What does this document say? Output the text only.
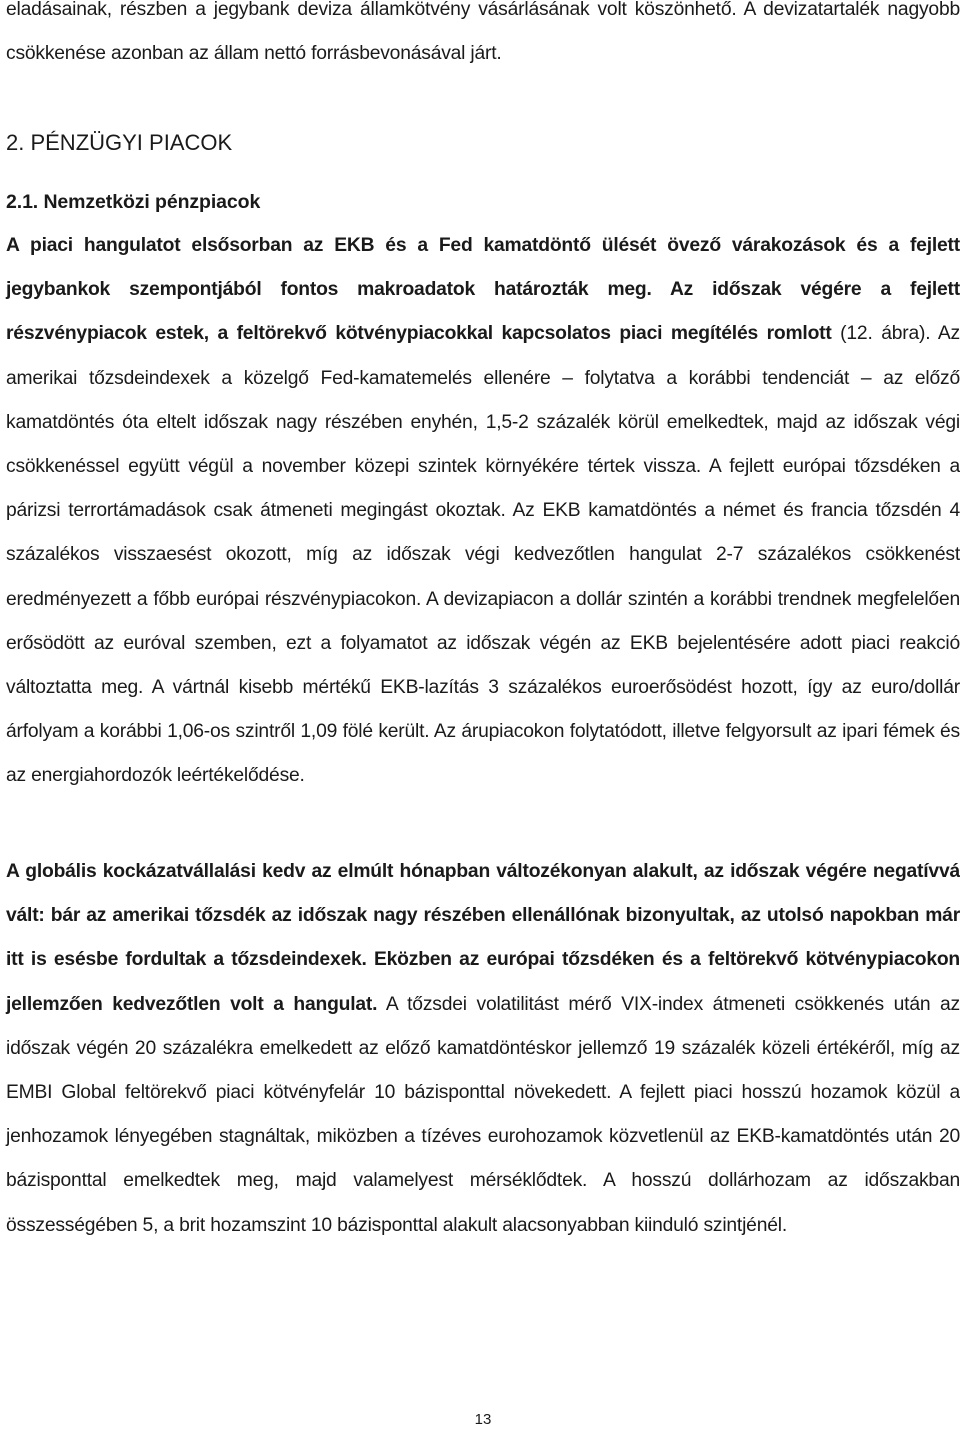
eladásainak, részben a jegybank deviza államkötvény vásárlásának volt köszönhető. A devizatartalék nagyobb csökkenése azonban az állam nettó forrásbevonásával járt.

2. PÉNZÜGYI PIACOK
2.1. Nemzetközi pénzpiacok

A piaci hangulatot elsősorban az EKB és a Fed kamatdöntő ülését övező várakozások és a fejlett jegybankok szempontjából fontos makroadatok határozták meg. Az időszak végére a fejlett részvénypiacok estek, a feltörekvő kötvénypiacokkal kapcsolatos piaci megítélés romlott (12. ábra). Az amerikai tőzsdeindexek a közelgő Fed-kamatemelés ellenére – folytatva a korábbi tendenciát – az előző kamatdöntés óta eltelt időszak nagy részében enyhén, 1,5-2 százalék körül emelkedtek, majd az időszak végi csökkenéssel együtt végül a november közepi szintek környékére tértek vissza. A fejlett európai tőzsdéken a párizsi terrortámadások csak átmeneti megingást okoztak. Az EKB kamatdöntés a német és francia tőzsdén 4 százalékos visszaesést okozott, míg az időszak végi kedvezőtlen hangulat 2-7 százalékos csökkenést eredményezett a főbb európai részvénypiacokon. A devizapiacon a dollár szintén a korábbi trendnek megfelelően erősödött az euróval szemben, ezt a folyamatot az időszak végén az EKB bejelentésére adott piaci reakció változtatta meg. A vártnál kisebb mértékű EKB-lazítás 3 százalékos euroerősödést hozott, így az euro/dollár árfolyam a korábbi 1,06-os szintről 1,09 fölé került. Az árupiacokon folytatódott, illetve felgyorsult az ipari fémek és az energiahordozók leértékelődése.

A globális kockázatvállalási kedv az elmúlt hónapban változékonyan alakult, az időszak végére negatívvá vált: bár az amerikai tőzsdék az időszak nagy részében ellenállónak bizonyultak, az utolsó napokban már itt is esésbe fordultak a tőzsdeindexek. Eközben az európai tőzsdéken és a feltörekvő kötvénypiacokon jellemzően kedvezőtlen volt a hangulat. A tőzsdei volatilitást mérő VIX-index átmeneti csökkenés után az időszak végén 20 százalékra emelkedett az előző kamatdöntéskor jellemző 19 százalék közeli értékéről, míg az EMBI Global feltörekvő piaci kötvényfelár 10 bázisponttal növekedett. A fejlett piaci hosszú hozamok közül a jenhozamok lényegében stagnáltak, miközben a tízéves eurohozamok közvetlenül az EKB-kamatdöntés után 20 bázisponttal emelkedtek meg, majd valamelyest mérséklődtek. A hosszú dollárhozam az időszakban összességében 5, a brit hozamszint 10 bázisponttal alakult alacsonyabban kiinduló szintjénél.

13
